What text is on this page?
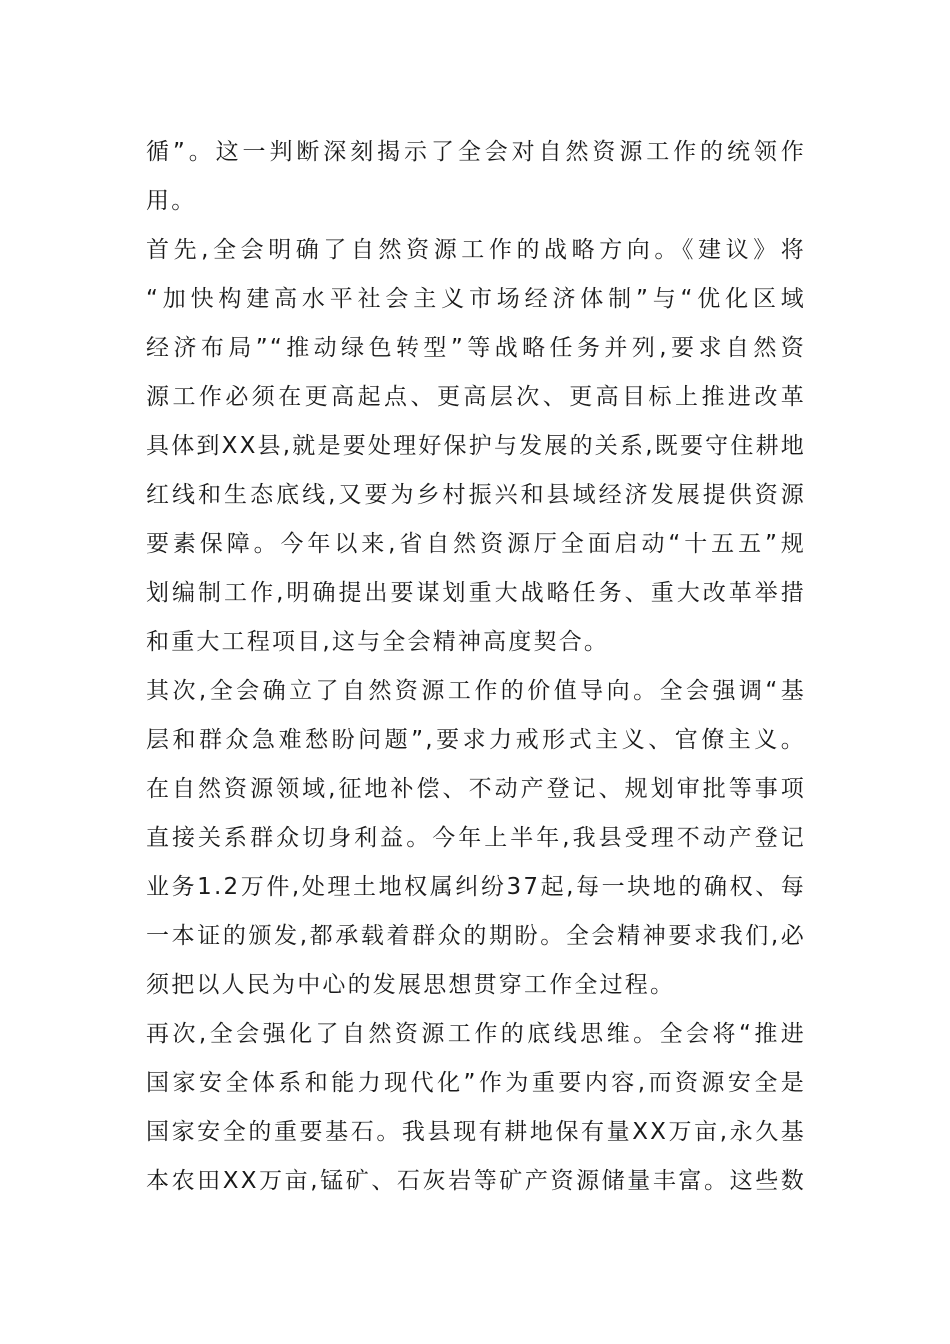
循”。这一判断深刻揭示了全会对自然资源工作的统领作
用。
首先,全会明确了自然资源工作的战略方向。《建议》将
“加快构建高水平社会主义市场经济体制”与“优化区域
经济布局”“推动绿色转型”等战略任务并列,要求自然资
源工作必须在更高起点、更高层次、更高目标上推进改革
具体到XX县,就是要处理好保护与发展的关系,既要守住耕地
红线和生态底线,又要为乡村振兴和县域经济发展提供资源
要素保障。今年以来,省自然资源厅全面启动“十五五”规
划编制工作,明确提出要谋划重大战略任务、重大改革举措
和重大工程项目,这与全会精神高度契合。
其次,全会确立了自然资源工作的价值导向。全会强调“基
层和群众急难愁盼问题”,要求力戒形式主义、官僚主义。
在自然资源领域,征地补偿、不动产登记、规划审批等事项
直接关系群众切身利益。今年上半年,我县受理不动产登记
业务1.2万件,处理土地权属纠纷37起,每一块地的确权、每
一本证的颁发,都承载着群众的期盼。全会精神要求我们,必
须把以人民为中心的发展思想贯穿工作全过程。
再次,全会强化了自然资源工作的底线思维。全会将“推进
国家安全体系和能力现代化”作为重要内容,而资源安全是
国家安全的重要基石。我县现有耕地保有量XX万亩,永久基
本农田XX万亩,锰矿、石灰岩等矿产资源储量丰富。这些数
